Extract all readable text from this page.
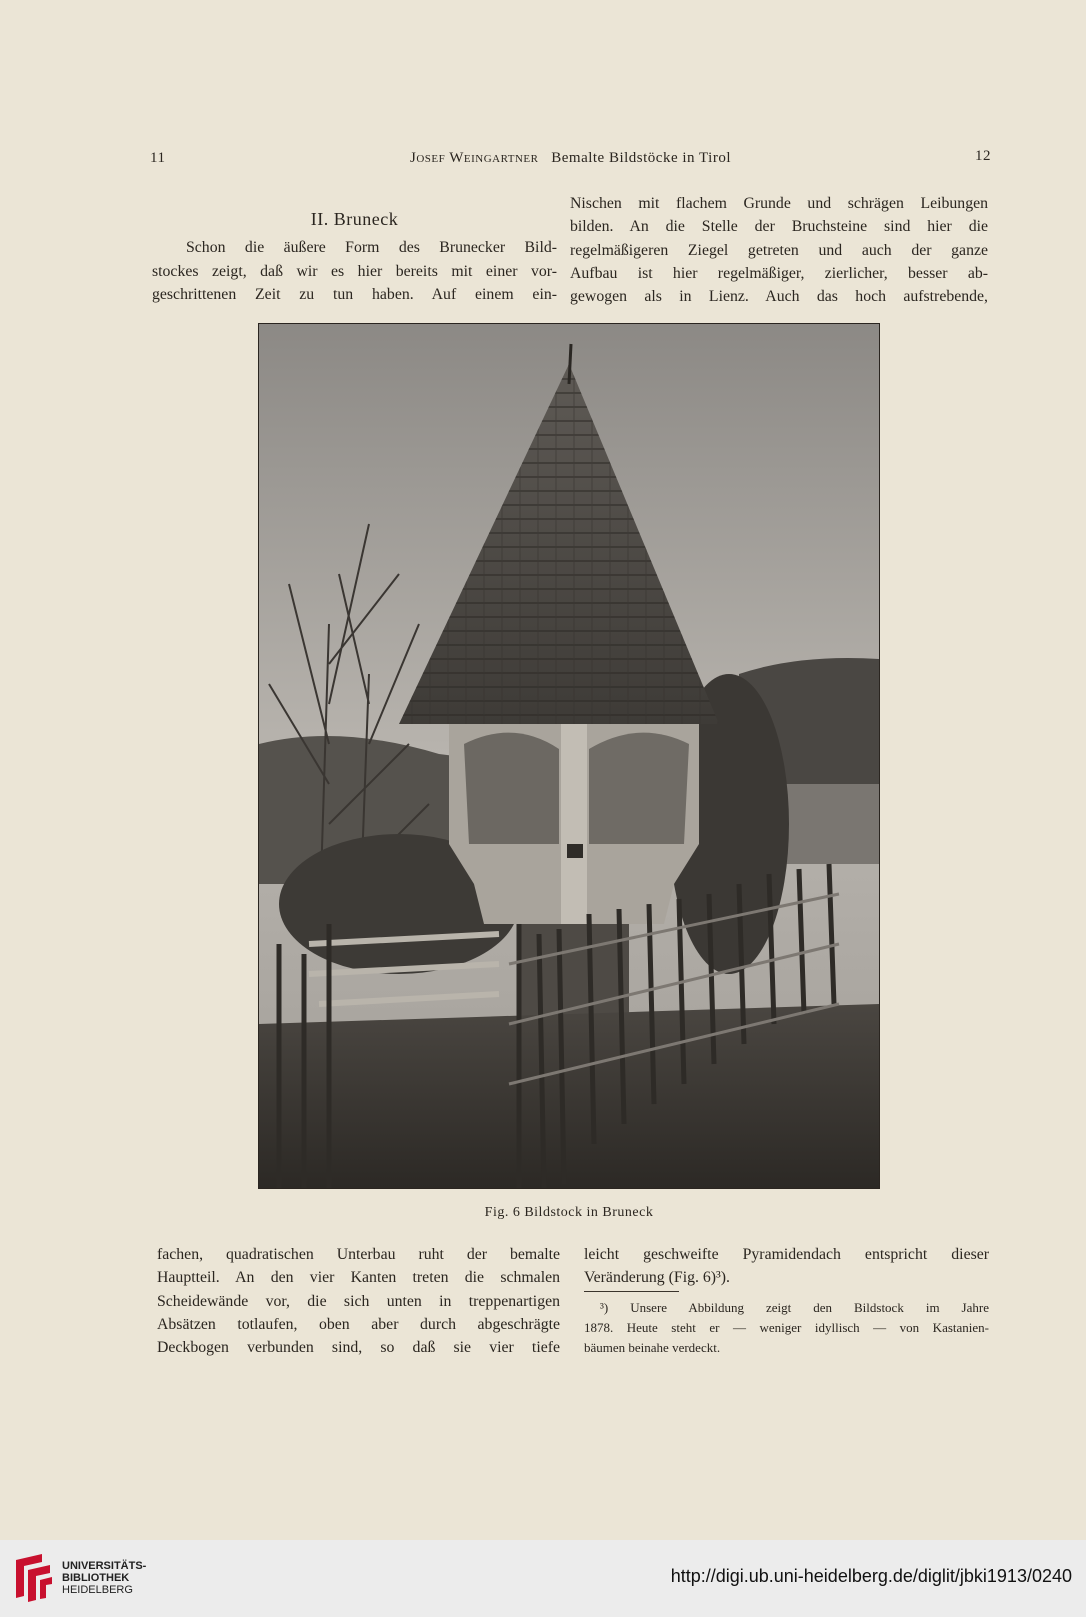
11	Josef Weingartner Bemalte Bildstöcke in Tirol	12
II. Bruneck
Schon die äußere Form des Brunecker Bild-
stockes zeigt, daß wir es hier bereits mit einer vor-
geschrittenen Zeit zu tun haben. Auf einem ein-
Nischen mit flachem Grunde und schrägen Leibungen
bilden. An die Stelle der Bruchsteine sind hier die
regelmäßigeren Ziegel getreten und auch der ganze
Aufbau ist hier regelmäßiger, zierlicher, besser ab-
gewogen als in Lienz. Auch das hoch aufstrebende,
Fig. 6 Bildstock in Bruneck
fachen, quadratischen Unterbau ruht der bemalte
Hauptteil. An den vier Kanten treten die schmalen
Scheidewände vor, die sich unten in treppenartigen
Absätzen totlaufen, oben aber durch abgeschrägte
Deckbogen verbunden sind, so daß sie vier tiefe
leicht geschweifte Pyramidendach entspricht dieser
Veränderung (Fig. 6)³).
³) Unsere Abbildung zeigt den Bildstock im Jahre
1878. Heute steht er — weniger idyllisch — von Kastanien-
bäumen beinahe verdeckt.
UNIVERSITÄTS-
BIBLIOTHEK
HEIDELBERG
http://digi.ub.uni-heidelberg.de/diglit/jbki1913/0240
